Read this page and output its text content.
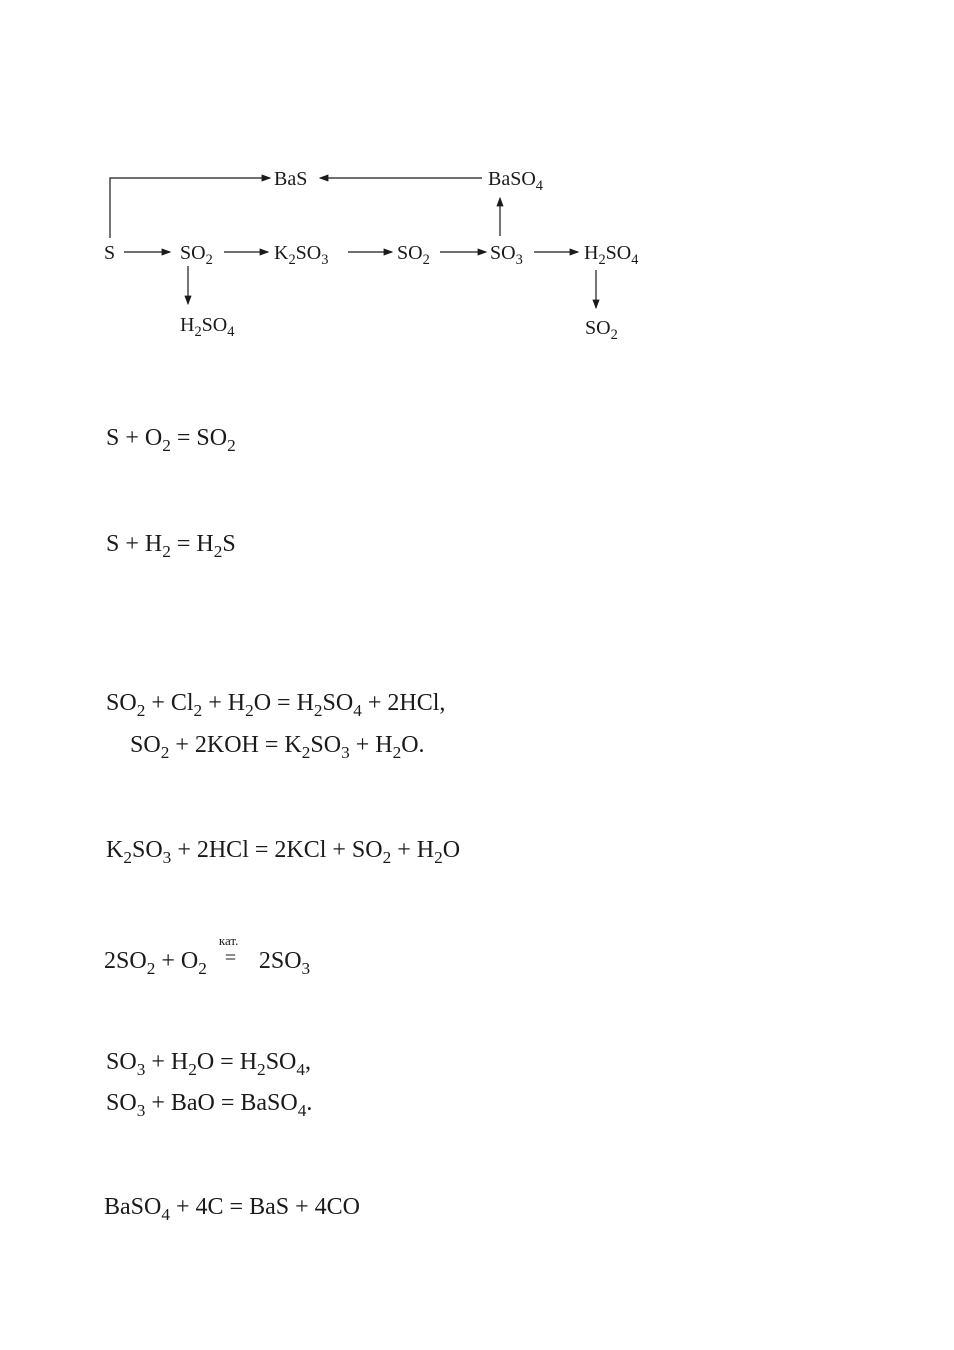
BaS	BaSO$_4$
S	$SO_2$	$K_2SO_3$	$SO_2$	$SO_3$	$H_2SO_4$
$H_2SO_4$	$SO_2$
$S + O_2 = SO_2$
$S + H_2 = H_2S$
$SO_2 + Cl_2 + H_2O = H_2SO_4 + 2HCl$,
$SO_2 + 2KOH = K_2SO_3 + H_2O$.
$K_2SO_3 + 2HCl = 2KCl + SO_2 + H_2O$
$2SO_2 + O_2$
кат.
= $2SO_3$
$SO_3 + H_2O = H_2SO_4$,
$SO_3$ + BaO = BaSO$_4$.
BaSO$_4$ + 4C = BaS + 4CO
